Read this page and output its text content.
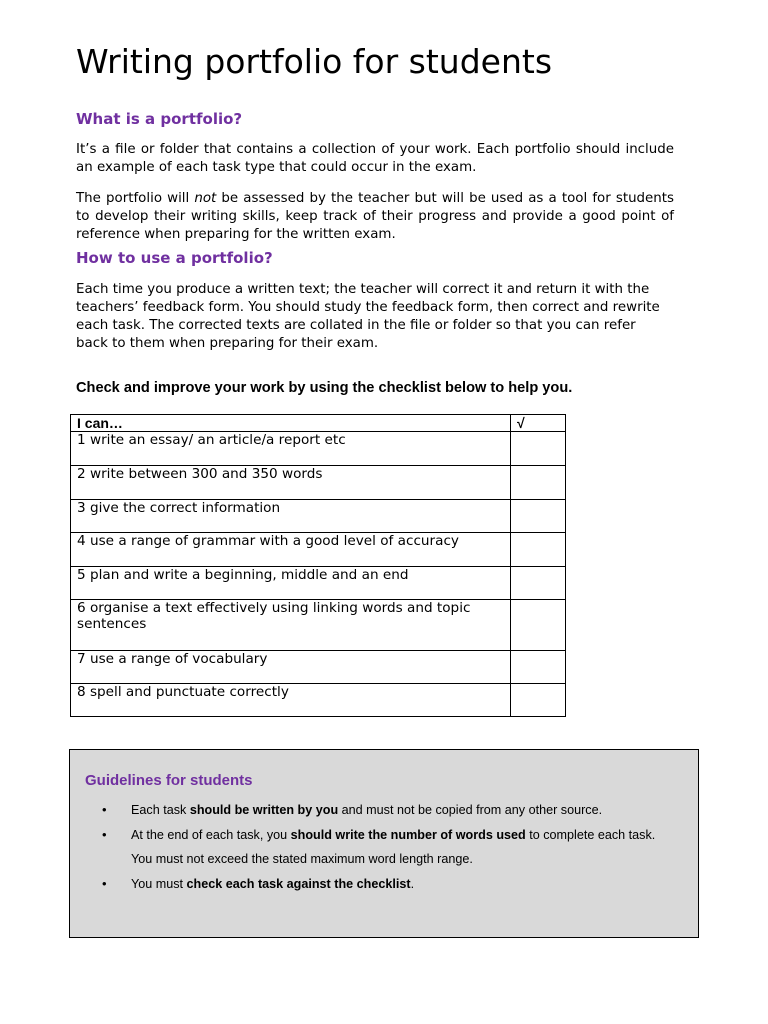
Writing portfolio for students
What is a portfolio?

It’s a file or folder that contains a collection of your work. Each portfolio should include an example of each task type that could occur in the exam.

The portfolio will not be assessed by the teacher but will be used as a tool for students to develop their writing skills, keep track of their progress and provide a good point of reference when preparing for the written exam.

How to use a portfolio?

Each time you produce a written text; the teacher will correct it and return it with the teachers’ feedback form. You should study the feedback form, then correct and rewrite each task. The corrected texts are collated in the file or folder so that you can refer back to them when preparing for their exam.

Check and improve your work by using the checklist below to help you.

I can…	√
1 write an essay/ an article/a report etc	
2 write between 300 and 350 words	
3 give the correct information	
4 use a range of grammar with a good level of accuracy	
5 plan and write a beginning, middle and an end	
6 organise a text effectively using linking words and topic sentences	
7 use a range of vocabulary	
8 spell and punctuate correctly	
Guidelines for students
• Each task should be written by you and must not be copied from any other source.
• At the end of each task, you should write the number of words used to complete each task. You must not exceed the stated maximum word length range.
• You must check each task against the checklist.
